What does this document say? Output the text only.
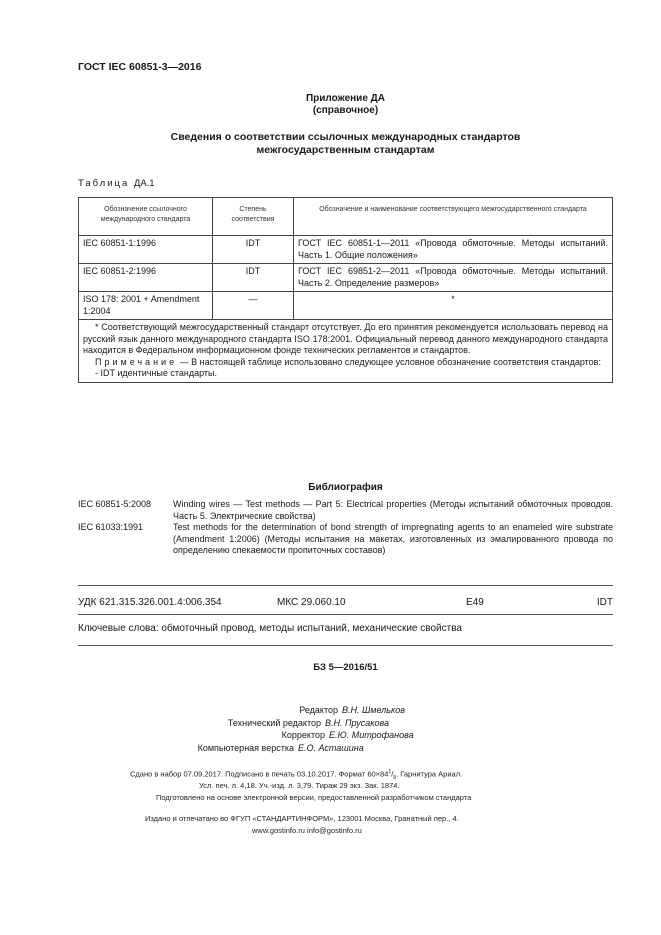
ГОСТ IEC 60851-3—2016
Приложение ДА
(справочное)
Сведения о соответствии ссылочных международных стандартов
межгосударственным стандартам
Таблица ДА.1
Обозначение ссылочного международного стандарта	Степень соответствия	Обозначение и наименование соответствующего межгосударственного стандарта
IEC 60851-1:1996	IDT	ГОСТ IEC 60851-1—2011 «Провода обмоточные. Методы испытаний. Часть 1. Общие положения»
IEC 60851-2:1996	IDT	ГОСТ IEC 69851-2—2011 «Провода обмоточные. Методы испытаний. Часть 2. Определение размеров»
ISO 178: 2001 + Amendment 1:2004	—	*

* Соответствующий межгосударственный стандарт отсутствует. До его принятия рекомендуется использовать перевод на русский язык данного международного стандарта ISO 178:2001. Официальный перевод данного международного стандарта находится в Федеральном информационном фонде технических регламентов и стандартов.
Примечание — В настоящей таблице использовано следующее условное обозначение соответствия стандартов:
- IDT идентичные стандарты.		
Библиография
IEC 60851-5:2008	Winding wires — Test methods — Part 5: Electrical properties (Методы испытаний обмоточных проводов. Часть 5. Электрические свойства)
IEC 61033:1991	Test methods for the determination of bond strength of impregnating agents to an enameled wire substrate (Amendment 1:2006) (Методы испытания на макетах, изготовленных из эмалированного провода по определению спекаемости пропиточных составов)
УДК 621.315.326.001.4:006.354	МКС 29.060.10	Е49	IDT
Ключевые слова: обмоточный провод, методы испытаний, механические свойства
БЗ 5—2016/51
Редактор В.Н. Шмельков
Технический редактор В.Н. Прусакова
Корректор Е.Ю. Митрофанова
Компьютерная верстка Е.О. Асташина
Сдано в набор 07.09.2017. Подписано в печать 03.10.2017. Формат $60\times 84^1/_8$. Гарнитура Ариал.
Усл. печ. л. 4,18. Уч.-изд. л. 3,79. Тираж 29 экз. Зак. 1874.
Подготовлено на основе электронной версии, предоставленной разработчиком стандарта
Издано и отпечатано во ФГУП «СТАНДАРТИНФОРМ», 123001 Москва, Гранатный пер., 4.
www.gostinfo.ru info@gostinfo.ru
